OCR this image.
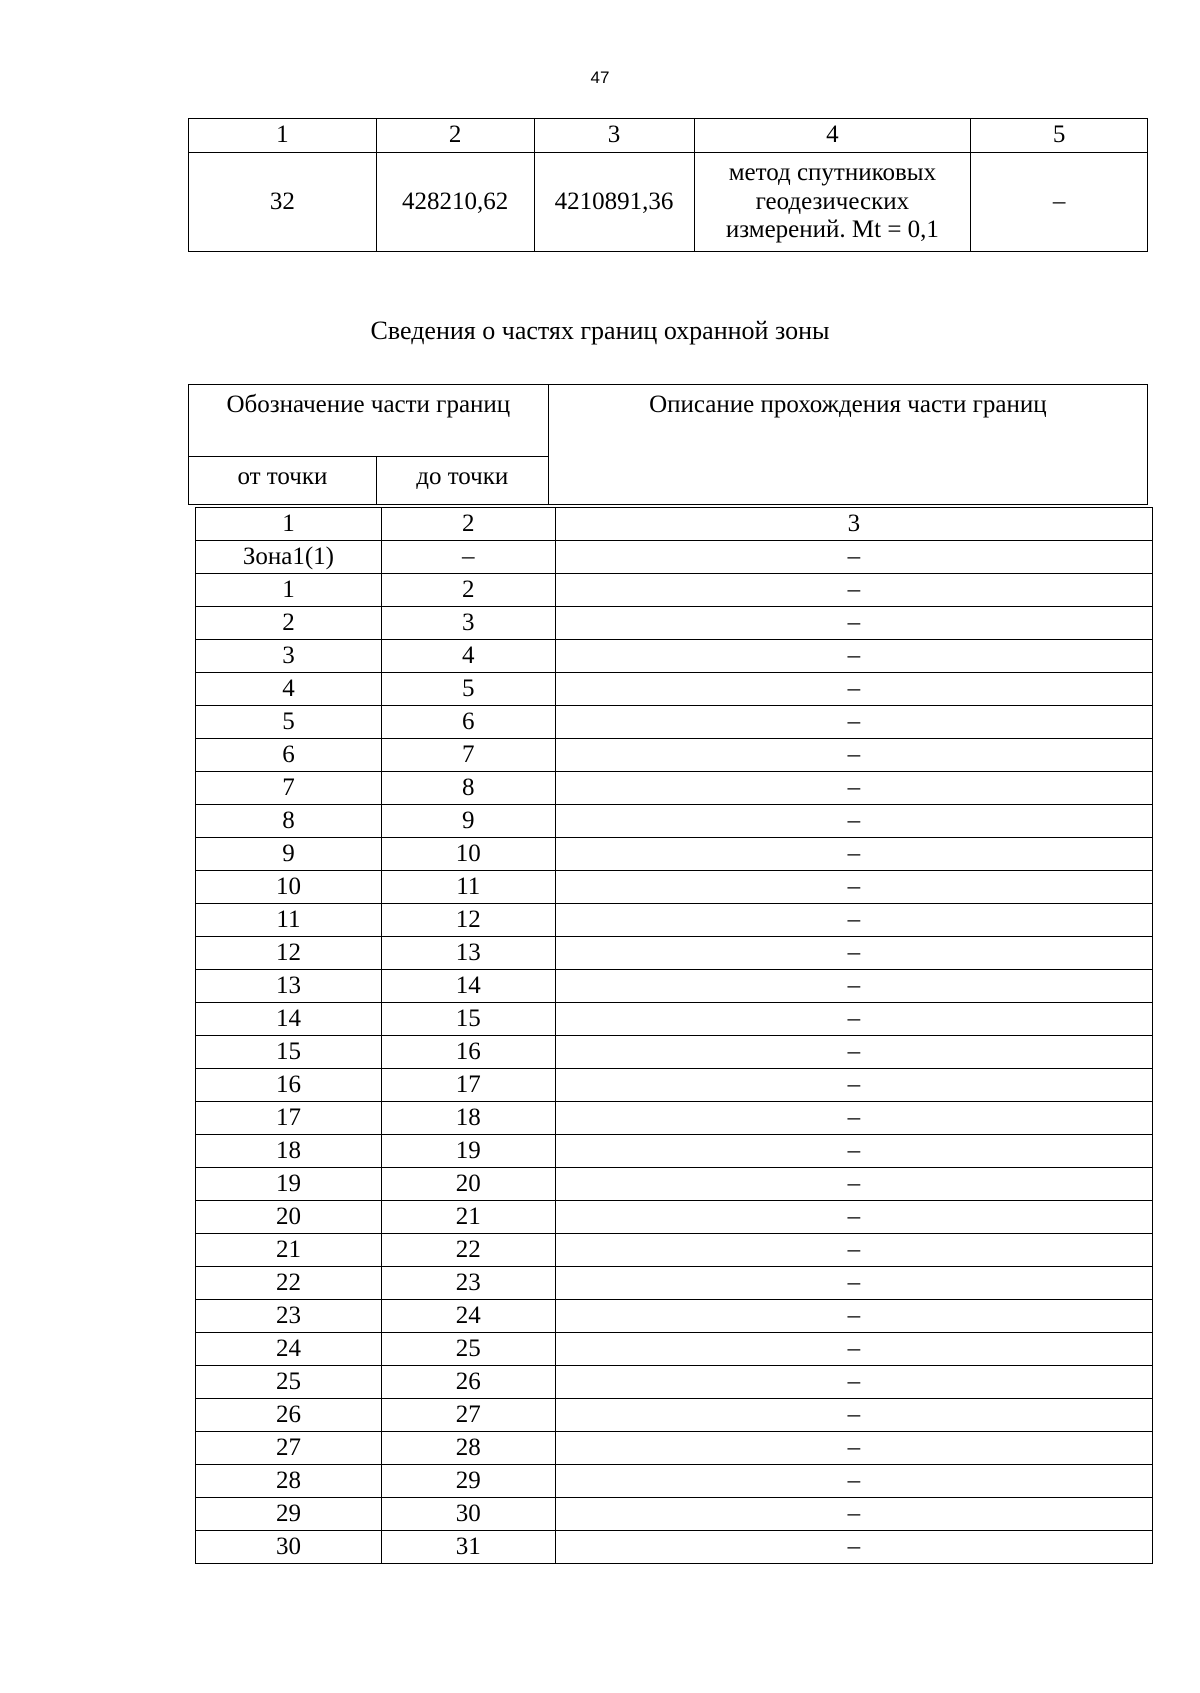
47
1	2	3	4	5
32	428210,62	4210891,36	метод спутниковых геодезических измерений. Mt = 0,1	–
Сведения о частях границ охранной зоны
Обозначение части границ		Описание прохождения части границ
от точки	до точки	
1	2	3
Зона1(1)	–	–
1	2	–
2	3	–
3	4	–
4	5	–
5	6	–
6	7	–
7	8	–
8	9	–
9	10	–
10	11	–
11	12	–
12	13	–
13	14	–
14	15	–
15	16	–
16	17	–
17	18	–
18	19	–
19	20	–
20	21	–
21	22	–
22	23	–
23	24	–
24	25	–
25	26	–
26	27	–
27	28	–
28	29	–
29	30	–
30	31	–
